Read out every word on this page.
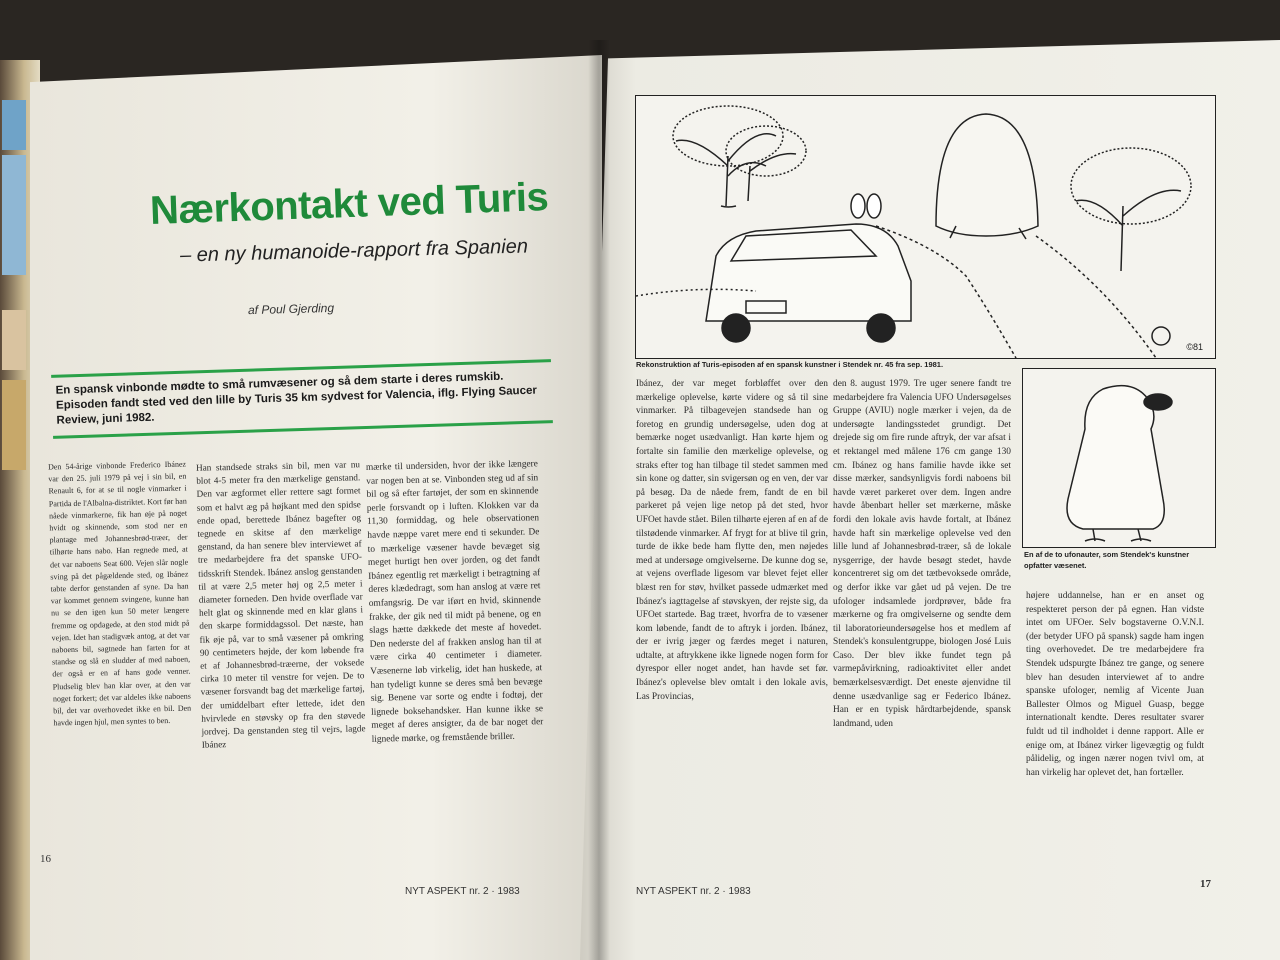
Nærkontakt ved Turis
– en ny humanoide-rapport fra Spanien
af Poul Gjerding
En spansk vinbonde mødte to små rumvæsener og så dem starte i deres rumskib. Episoden fandt sted ved den lille by Turis 35 km sydvest for Valencia, iflg. Flying Saucer Review, juni 1982.
Den 54-årige vinbonde Frederico Ibánez var den 25. juli 1979 på vej i sin bil, en Renault 6, for at se til nogle vinmarker i Partida de l'Albalna-distriktet. Kort før han nåede vinmarkerne, fik han øje på noget hvidt og skinnende, som stod ner en plantage med Johannesbrød-træer, der tilhørte hans nabo. Han regnede med, at det var naboens Seat 600. Vejen slår nogle sving på det pågældende sted, og Ibánez tabte derfor genstanden af syne. Da han var kommet gennem svingene, kunne han nu se den igen kun 50 meter længere fremme og opdagede, at den stod midt på vejen. Idet han stadigvæk antog, at det var naboens bil, sagtnede han farten for at standse og slå en sludder af med naboen, der også er en af hans gode venner. Pludselig blev han klar over, at den var noget forkert; det var aldeles ikke naboens bil, det var overhovedet ikke en bil. Den havde ingen hjul, men syntes to ben.
Han standsede straks sin bil, men var nu blot 4-5 meter fra den mærkelige genstand. Den var ægformet eller rettere sagt formet som et halvt æg på højkant med den spidse ende opad, berettede Ibánez bagefter og tegnede en skitse af den mærkelige genstand, da han senere blev interviewet af tre medarbejdere fra det spanske UFO-tidsskrift Stendek. Ibánez anslog genstanden til at være 2,5 meter høj og 2,5 meter i diameter forneden. Den hvide overflade var helt glat og skinnende med en klar glans i den skarpe formiddagssol. Det næste, han fik øje på, var to små væsener på omkring 90 centimeters højde, der kom løbende fra et af Johannesbrød-træerne, der voksede cirka 10 meter til venstre for vejen. De to væsener forsvandt bag det mærkelige fartøj, der umiddelbart efter lettede, idet den hvirvlede en støvsky op fra den støvede jordvej. Da genstanden steg til vejrs, lagde Ibánez
mærke til undersiden, hvor der ikke længere var nogen ben at se. Vinbonden steg ud af sin bil og så efter fartøjet, der som en skinnende perle forsvandt op i luften. Klokken var da 11,30 formiddag, og hele observationen havde næppe varet mere end ti sekunder. De to mærkelige væsener havde bevæget sig meget hurtigt hen over jorden, og det fandt Ibánez egentlig ret mærkeligt i betragtning af deres klædedragt, som han anslog at være ret omfangsrig. De var iført en hvid, skinnende frakke, der gik ned til midt på benene, og en slags hætte dækkede det meste af hovedet. Den nederste del af frakken anslog han til at være cirka 40 centimeter i diameter. Væsenerne løb virkelig, idet han huskede, at han tydeligt kunne se deres små ben bevæge sig. Benene var sorte og endte i fodtøj, der lignede boksehandsker. Han kunne ikke se meget af deres ansigter, da de bar noget der lignede mørke, og fremstående briller.
16
NYT ASPEKT nr. 2 · 1983
©81
Rekonstruktion af Turis-episoden af en spansk kunstner i Stendek nr. 45 fra sep. 1981.
En af de to ufonauter, som Stendek's kunstner opfatter væsenet.
Ibánez, der var meget forbløffet over den mærkelige oplevelse, kørte videre og så til sine vinmarker. På tilbagevejen standsede han og foretog en grundig undersøgelse, uden dog at bemærke noget usædvanligt. Han kørte hjem og fortalte sin familie den mærkelige oplevelse, og straks efter tog han tilbage til stedet sammen med sin kone og datter, sin svigersøn og en ven, der var på besøg. Da de nåede frem, fandt de en bil parkeret på vejen lige netop på det sted, hvor UFOet havde stået. Bilen tilhørte ejeren af en af de tilstødende vinmarker. Af frygt for at blive til grin, turde de ikke bede ham flytte den, men nøjedes med at undersøge omgivelserne. De kunne dog se, at vejens overflade ligesom var blevet fejet eller blæst ren for støv, hvilket passede udmærket med Ibánez's iagttagelse af støvskyen, der rejste sig, da UFOet startede. Bag træet, hvorfra de to væsener kom løbende, fandt de to aftryk i jorden. Ibánez, der er ivrig jæger og færdes meget i naturen, udtalte, at aftrykkene ikke lignede nogen form for dyrespor eller noget andet, han havde set før. Ibánez's oplevelse blev omtalt i den lokale avis, Las Provincias,
den 8. august 1979. Tre uger senere fandt tre medarbejdere fra Valencia UFO Undersøgelses Gruppe (AVIU) nogle mærker i vejen, da de undersøgte landingsstedet grundigt. Det drejede sig om fire runde aftryk, der var afsat i et rektangel med målene 176 cm gange 130 cm. Ibánez og hans familie havde ikke set disse mærker, sandsynligvis fordi naboens bil havde været parkeret over dem. Ingen andre havde åbenbart heller set mærkerne, måske fordi den lokale avis havde fortalt, at Ibánez havde haft sin mærkelige oplevelse ved den lille lund af Johannesbrød-træer, så de lokale nysgerrige, der havde besøgt stedet, havde koncentreret sig om det tætbevoksede område, og derfor ikke var gået ud på vejen. De tre ufologer indsamlede jordprøver, både fra mærkerne og fra omgivelserne og sendte dem til laboratorieundersøgelse hos et medlem af Stendek's konsulentgruppe, biologen José Luis Caso. Der blev ikke fundet tegn på varmepåvirkning, radioaktivitet eller andet bemærkelsesværdigt. Det eneste øjenvidne til denne usædvanlige sag er Federico Ibánez. Han er en typisk hårdtarbejdende, spansk landmand, uden
højere uddannelse, han er en anset og respekteret person der på egnen. Han vidste intet om UFOer. Selv bogstaverne O.V.N.I. (der betyder UFO på spansk) sagde ham ingen ting overhovedet. De tre medarbejdere fra Stendek udspurgte Ibánez tre gange, og senere blev han desuden interviewet af to andre spanske ufologer, nemlig af Vicente Juan Ballester Olmos og Miguel Guasp, begge internationalt kendte. Deres resultater svarer fuldt ud til indholdet i denne rapport. Alle er enige om, at Ibánez virker ligevægtig og fuldt pålidelig, og ingen nærer nogen tvivl om, at han virkelig har oplevet det, han fortæller.
NYT ASPEKT nr. 2 · 1983
17
